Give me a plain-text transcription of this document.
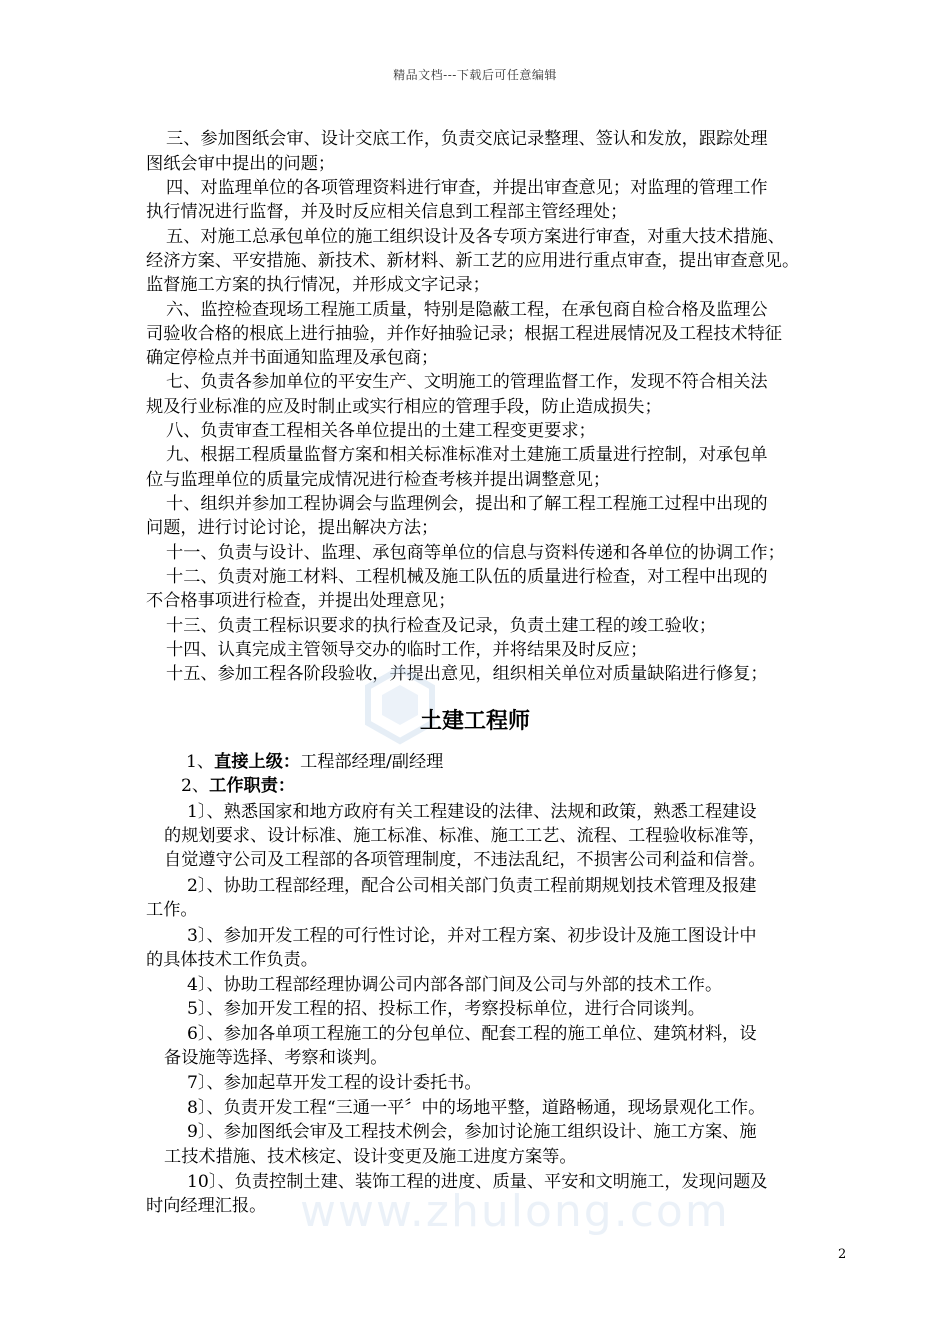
精品文档---下载后可任意编辑
三、参加图纸会审、设计交底工作，负责交底记录整理、签认和发放，跟踪处理
图纸会审中提出的问题；
四、对监理单位的各项管理资料进行审查，并提出审查意见；对监理的管理工作
执行情况进行监督，并及时反应相关信息到工程部主管经理处；
五、对施工总承包单位的施工组织设计及各专项方案进行审查，对重大技术措施、
经济方案、平安措施、新技术、新材料、新工艺的应用进行重点审查，提出审查意见。
监督施工方案的执行情况，并形成文字记录；
六、监控检查现场工程施工质量，特别是隐蔽工程，在承包商自检合格及监理公
司验收合格的根底上进行抽验，并作好抽验记录；根据工程进展情况及工程技术特征
确定停检点并书面通知监理及承包商；
七、负责各参加单位的平安生产、文明施工的管理监督工作，发现不符合相关法
规及行业标准的应及时制止或实行相应的管理手段，防止造成损失；
八、负责审查工程相关各单位提出的土建工程变更要求；
九、根据工程质量监督方案和相关标准标准对土建施工质量进行控制，对承包单
位与监理单位的质量完成情况进行检查考核并提出调整意见；
十、组织并参加工程协调会与监理例会，提出和了解工程工程施工过程中出现的
问题，进行讨论讨论，提出解决方法；
十一、负责与设计、监理、承包商等单位的信息与资料传递和各单位的协调工作；
十二、负责对施工材料、工程机械及施工队伍的质量进行检查，对工程中出现的
不合格事项进行检查，并提出处理意见；
十三、负责工程标识要求的执行检查及记录，负责土建工程的竣工验收；
十四、认真完成主管领导交办的临时工作，并将结果及时反应；
十五、参加工程各阶段验收，并提出意见，组织相关单位对质量缺陷进行修复；
土建工程师
1、直接上级：工程部经理/副经理
2、工作职责：
1〕、熟悉国家和地方政府有关工程建设的法律、法规和政策，熟悉工程建设
的规划要求、设计标准、施工标准、标准、施工工艺、流程、工程验收标准等，
自觉遵守公司及工程部的各项管理制度，不违法乱纪，不损害公司利益和信誉。
2〕、协助工程部经理，配合公司相关部门负责工程前期规划技术管理及报建
工作。
3〕、参加开发工程的可行性讨论，并对工程方案、初步设计及施工图设计中
的具体技术工作负责。
4〕、协助工程部经理协调公司内部各部门间及公司与外部的技术工作。
5〕、参加开发工程的招、投标工作，考察投标单位，进行合同谈判。
6〕、参加各单项工程施工的分包单位、配套工程的施工单位、建筑材料，设
备设施等选择、考察和谈判。
7〕、参加起草开发工程的设计委托书。
8〕、负责开发工程“三通一平〞中的场地平整，道路畅通，现场景观化工作。
9〕、参加图纸会审及工程技术例会，参加讨论施工组织设计、施工方案、施
工技术措施、技术核定、设计变更及施工进度方案等。
10〕、负责控制土建、装饰工程的进度、质量、平安和文明施工，发现问题及
时向经理汇报。 www.zhulong.com
2
